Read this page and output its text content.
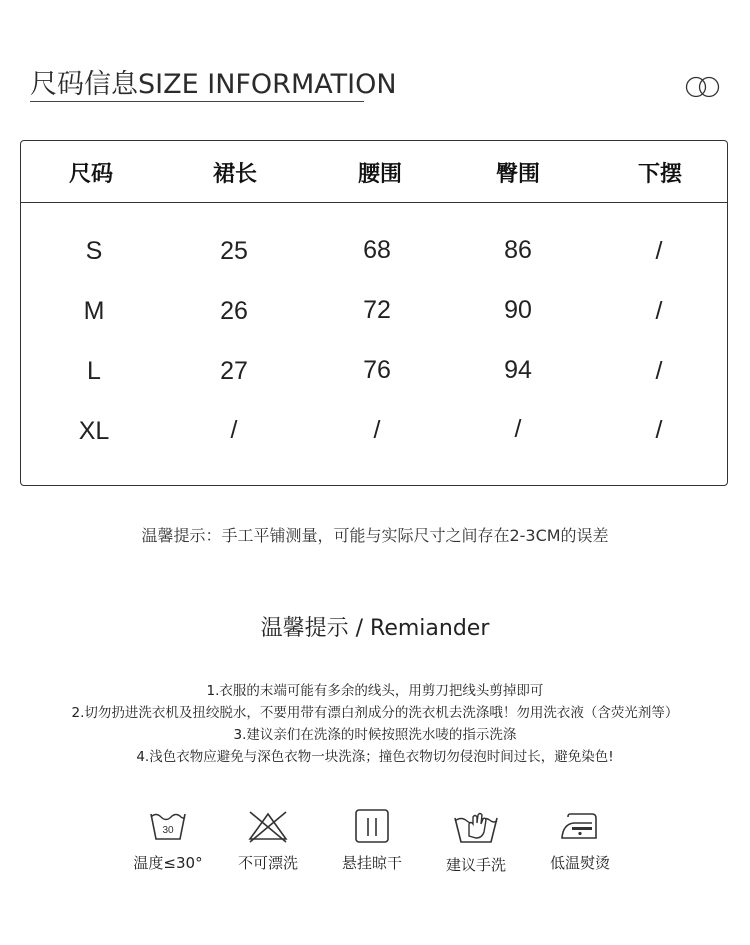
尺码信息SIZE INFORMATION
尺码	裙长	腰围	臀围	下摆
S	25	68	86	/
M	26	72	90	/
L	27	76	94	/
XL	/	/	/	/
温馨提示：手工平铺测量，可能与实际尺寸之间存在2-3CM的误差
温馨提示 / Remiander
1.衣服的末端可能有多余的线头，用剪刀把线头剪掉即可
2.切勿扔进洗衣机及扭绞脱水，不要用带有漂白剂成分的洗衣机去洗涤哦！勿用洗衣液（含荧光剂等）
3.建议亲们在洗涤的时候按照洗水唛的指示洗涤
4.浅色衣物应避免与深色衣物一块洗涤；撞色衣物切勿侵泡时间过长，避免染色!
30
温度≤30°	不可漂洗	悬挂晾干	建议手洗	低温熨烫
